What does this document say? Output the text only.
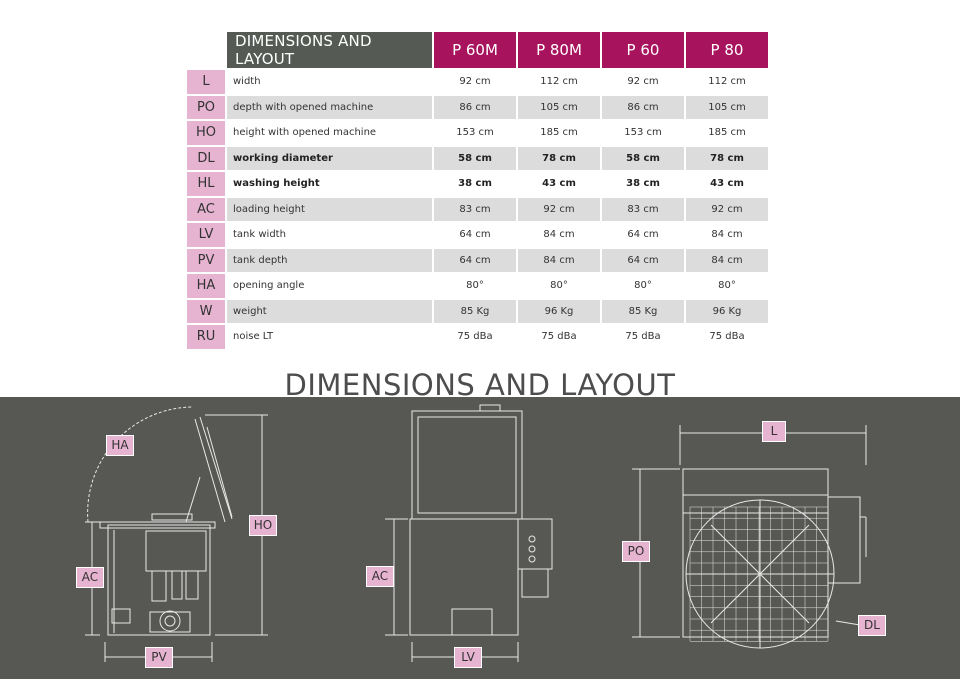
	DIMENSIONS AND LAYOUT	P 60M	P 80M	P 60	P 80
L	width	92 cm	112 cm	92 cm	112 cm
PO	depth with opened machine	86 cm	105 cm	86 cm	105 cm
HO	height with opened machine	153 cm	185 cm	153 cm	185 cm
DL	working diameter	58 cm	78 cm	58 cm	78 cm
HL	washing height	38 cm	43 cm	38 cm	43 cm
AC	loading height	83 cm	92 cm	83 cm	92 cm
LV	tank width	64 cm	84 cm	64 cm	84 cm
PV	tank depth	64 cm	84 cm	64 cm	84 cm
HA	opening angle	80°	80°	80°	80°
W	weight	85 Kg	96 Kg	85 Kg	96 Kg
RU	noise LT	75 dBa	75 dBa	75 dBa	75 dBa
DIMENSIONS AND LAYOUT
HA
HO
AC
PV
AC
LV
L
PO
DL
